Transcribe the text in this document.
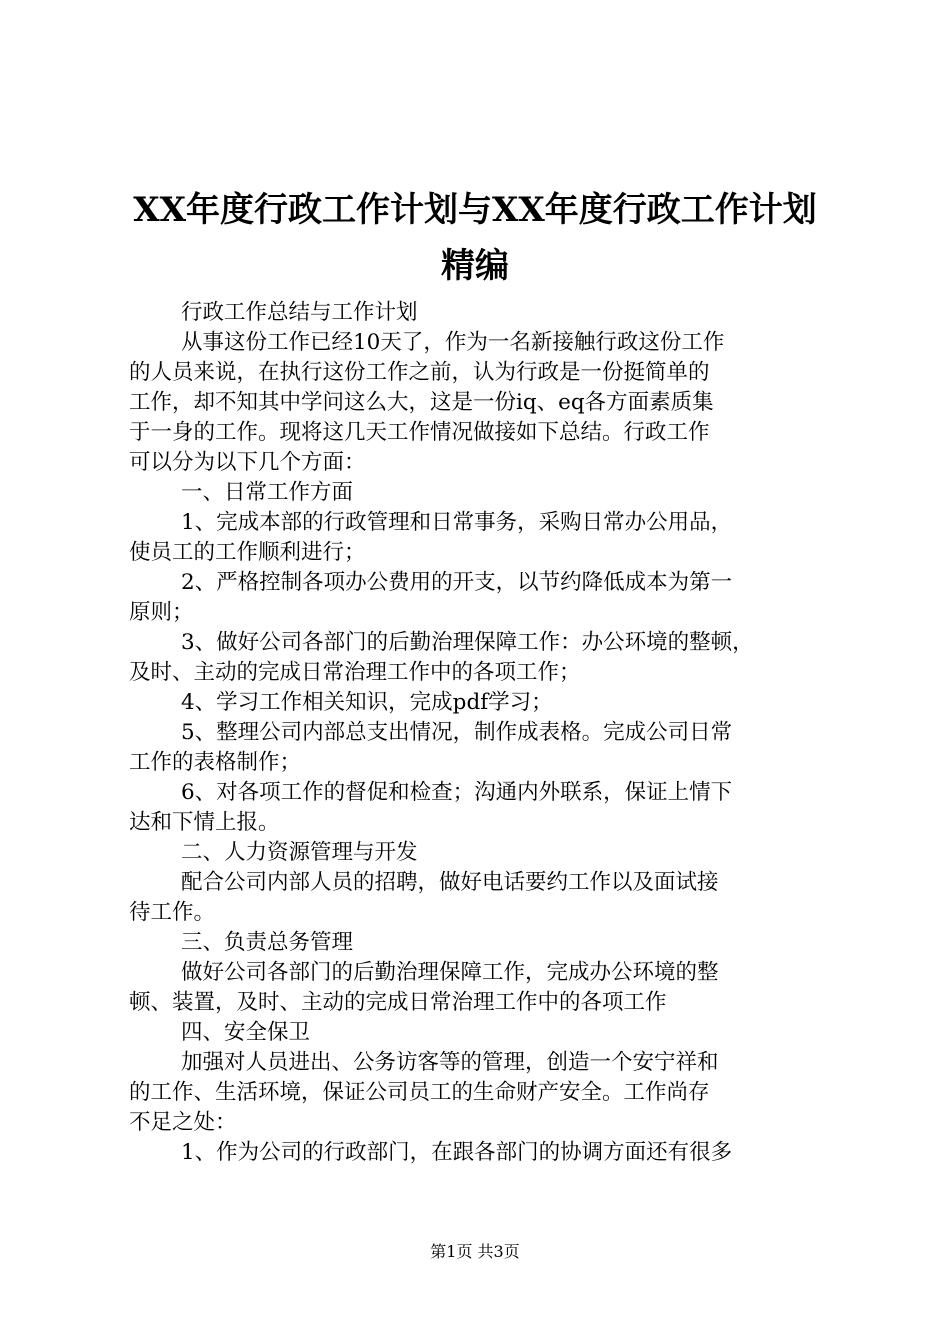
XX年度行政工作计划与XX年度行政工作计划
精编
行政工作总结与工作计划
从事这份工作已经10天了，作为一名新接触行政这份工作
的人员来说，在执行这份工作之前，认为行政是一份挺简单的
工作，却不知其中学问这么大，这是一份iq、eq各方面素质集
于一身的工作。现将这几天工作情况做接如下总结。行政工作
可以分为以下几个方面：
一、日常工作方面
1、完成本部的行政管理和日常事务，采购日常办公用品，
使员工的工作顺利进行；
2、严格控制各项办公费用的开支，以节约降低成本为第一
原则；
3、做好公司各部门的后勤治理保障工作：办公环境的整顿，
及时、主动的完成日常治理工作中的各项工作；
4、学习工作相关知识，完成pdf学习；
5、整理公司内部总支出情况，制作成表格。完成公司日常
工作的表格制作；
6、对各项工作的督促和检查；沟通内外联系，保证上情下
达和下情上报。
二、人力资源管理与开发
配合公司内部人员的招聘，做好电话要约工作以及面试接
待工作。
三、负责总务管理
做好公司各部门的后勤治理保障工作，完成办公环境的整
顿、装置，及时、主动的完成日常治理工作中的各项工作
四、安全保卫
加强对人员进出、公务访客等的管理，创造一个安宁祥和
的工作、生活环境，保证公司员工的生命财产安全。工作尚存
不足之处：
1、作为公司的行政部门，在跟各部门的协调方面还有很多
第1页 共3页
